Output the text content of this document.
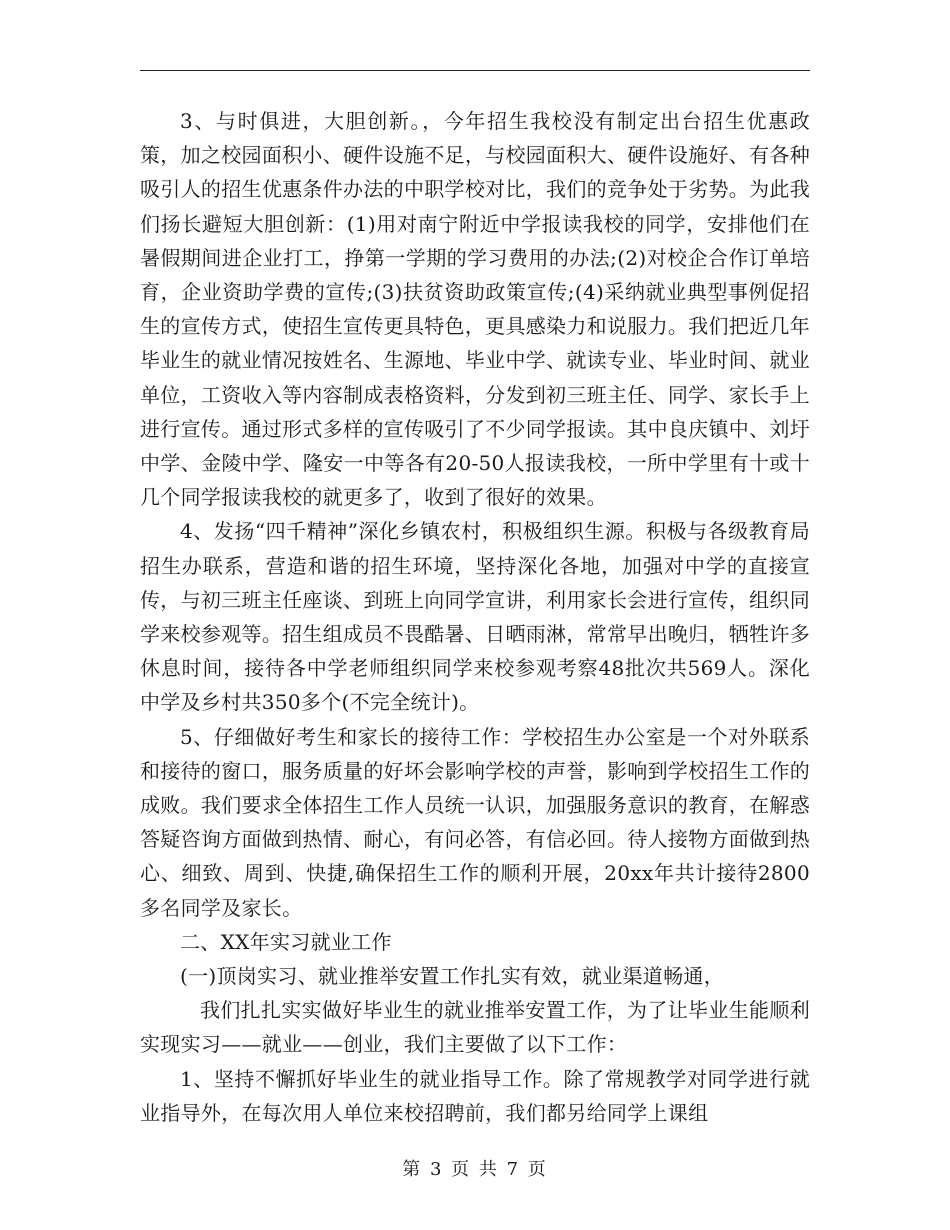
3、与时俱进，大胆创新。，今年招生我校没有制定出台招生优惠政策，加之校园面积小、硬件设施不足，与校园面积大、硬件设施好、有各种吸引人的招生优惠条件办法的中职学校对比，我们的竞争处于劣势。为此我们扬长避短大胆创新：(1)用对南宁附近中学报读我校的同学，安排他们在暑假期间进企业打工，挣第一学期的学习费用的办法;(2)对校企合作订单培育，企业资助学费的宣传;(3)扶贫资助政策宣传;(4)采纳就业典型事例促招生的宣传方式，使招生宣传更具特色，更具感染力和说服力。我们把近几年毕业生的就业情况按姓名、生源地、毕业中学、就读专业、毕业时间、就业单位，工资收入等内容制成表格资料，分发到初三班主任、同学、家长手上进行宣传。通过形式多样的宣传吸引了不少同学报读。其中良庆镇中、刘圩中学、金陵中学、隆安一中等各有20-50人报读我校，一所中学里有十或十几个同学报读我校的就更多了，收到了很好的效果。

4、发扬“四千精神”深化乡镇农村，积极组织生源。积极与各级教育局招生办联系，营造和谐的招生环境，坚持深化各地，加强对中学的直接宣传，与初三班主任座谈、到班上向同学宣讲，利用家长会进行宣传，组织同学来校参观等。招生组成员不畏酷暑、日晒雨淋，常常早出晚归，牺牲许多休息时间，接待各中学老师组织同学来校参观考察48批次共569人。深化中学及乡村共350多个(不完全统计)。

5、仔细做好考生和家长的接待工作：学校招生办公室是一个对外联系和接待的窗口，服务质量的好坏会影响学校的声誉，影响到学校招生工作的成败。我们要求全体招生工作人员统一认识，加强服务意识的教育，在解惑答疑咨询方面做到热情、耐心，有问必答，有信必回。待人接物方面做到热心、细致、周到、快捷,确保招生工作的顺利开展，20xx年共计接待2800多名同学及家长。

二、XX年实习就业工作

(一)顶岗实习、就业推举安置工作扎实有效，就业渠道畅通，

我们扎扎实实做好毕业生的就业推举安置工作，为了让毕业生能顺利实现实习——就业——创业，我们主要做了以下工作：

1、坚持不懈抓好毕业生的就业指导工作。除了常规教学对同学进行就业指导外，在每次用人单位来校招聘前，我们都另给同学上课组

第 3 页 共 7 页
